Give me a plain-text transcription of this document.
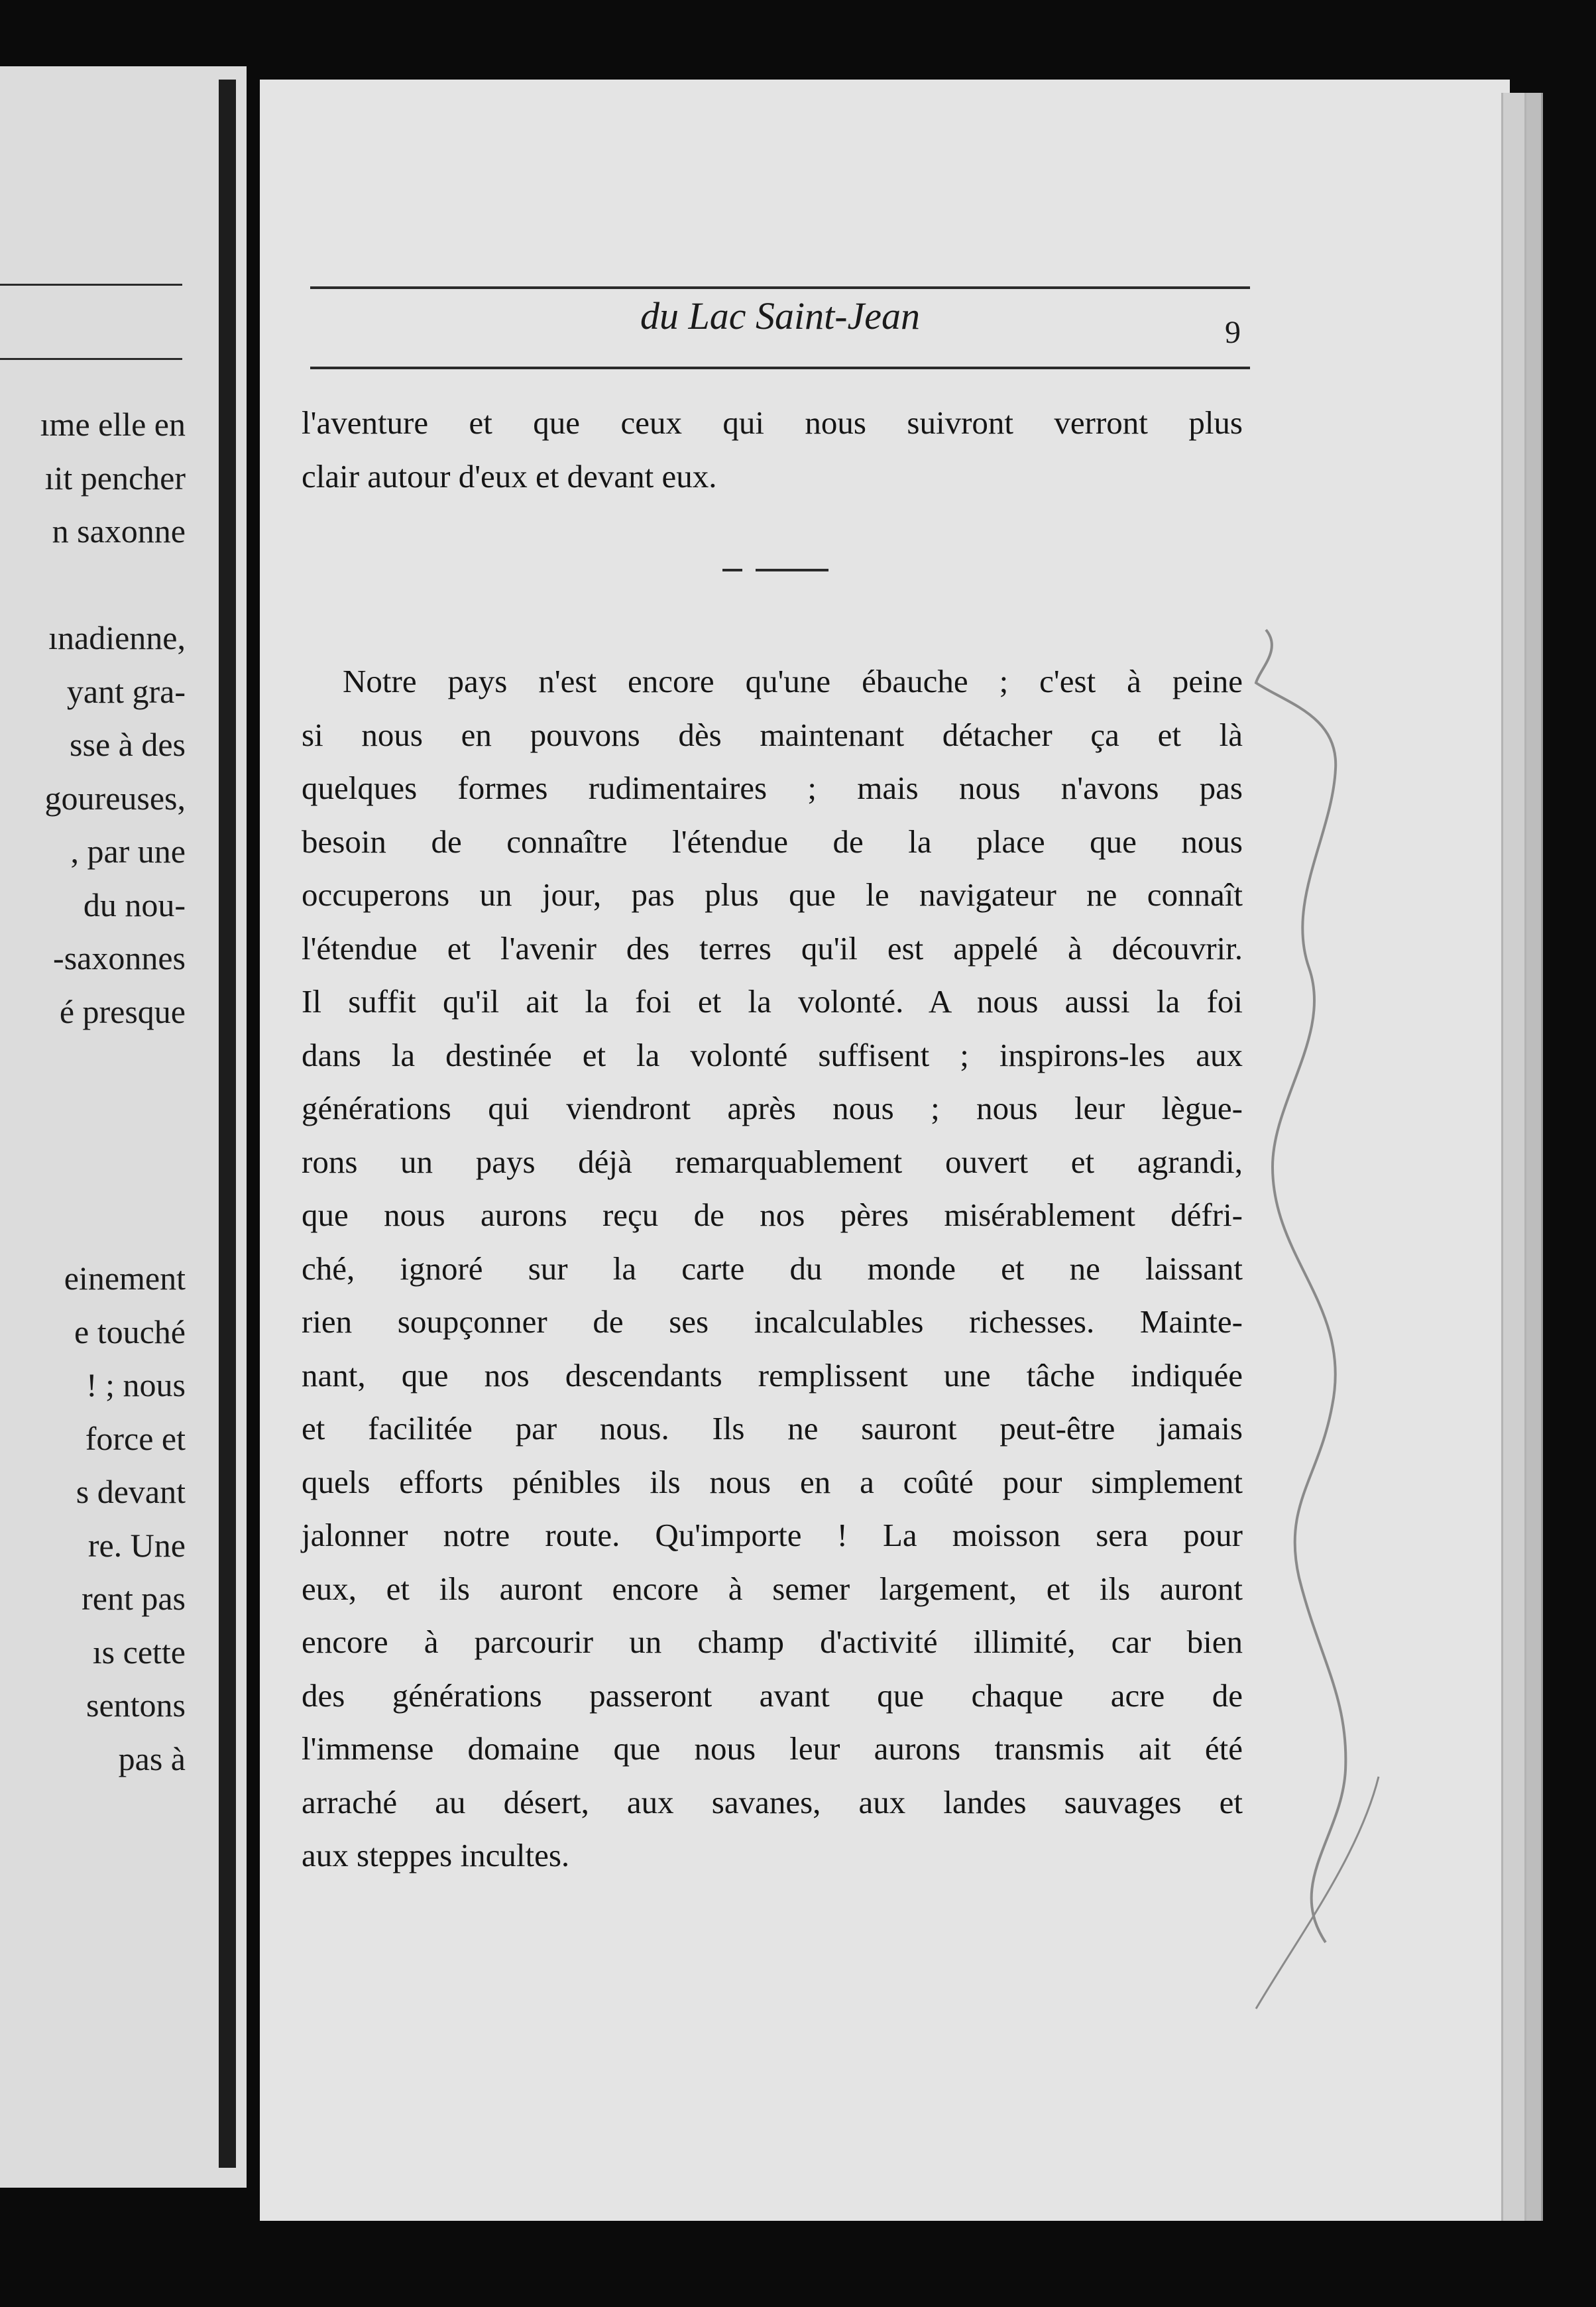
ıme elle en
ıit pencher
n saxonne
ınadienne,
yant gra-
sse à des
goureuses,
, par une
du nou-
-saxonnes
é presque
einement
e touché
! ; nous
force et
s devant
re. Une
rent pas
ıs cette
sentons
pas à
du Lac Saint-Jean	9
l'aventure et que ceux qui nous suivront verront plus
clair autour d'eux et devant eux.
Notre pays n'est encore qu'une ébauche ; c'est à peine
si nous en pouvons dès maintenant détacher ça et là
quelques formes rudimentaires ; mais nous n'avons pas
besoin de connaître l'étendue de la place que nous
occuperons un jour, pas plus que le navigateur ne connaît
l'étendue et l'avenir des terres qu'il est appelé à découvrir.
Il suffit qu'il ait la foi et la volonté. A nous aussi la foi
dans la destinée et la volonté suffisent ; inspirons-les aux
générations qui viendront après nous ; nous leur lègue-
rons un pays déjà remarquablement ouvert et agrandi,
que nous aurons reçu de nos pères misérablement défri-
ché, ignoré sur la carte du monde et ne laissant
rien soupçonner de ses incalculables richesses. Mainte-
nant, que nos descendants remplissent une tâche indiquée
et facilitée par nous. Ils ne sauront peut-être jamais
quels efforts pénibles ils nous en a coûté pour simplement
jalonner notre route. Qu'importe ! La moisson sera pour
eux, et ils auront encore à semer largement, et ils auront
encore à parcourir un champ d'activité illimité, car bien
des générations passeront avant que chaque acre de
l'immense domaine que nous leur aurons transmis ait été
arraché au désert, aux savanes, aux landes sauvages et
aux steppes incultes.
